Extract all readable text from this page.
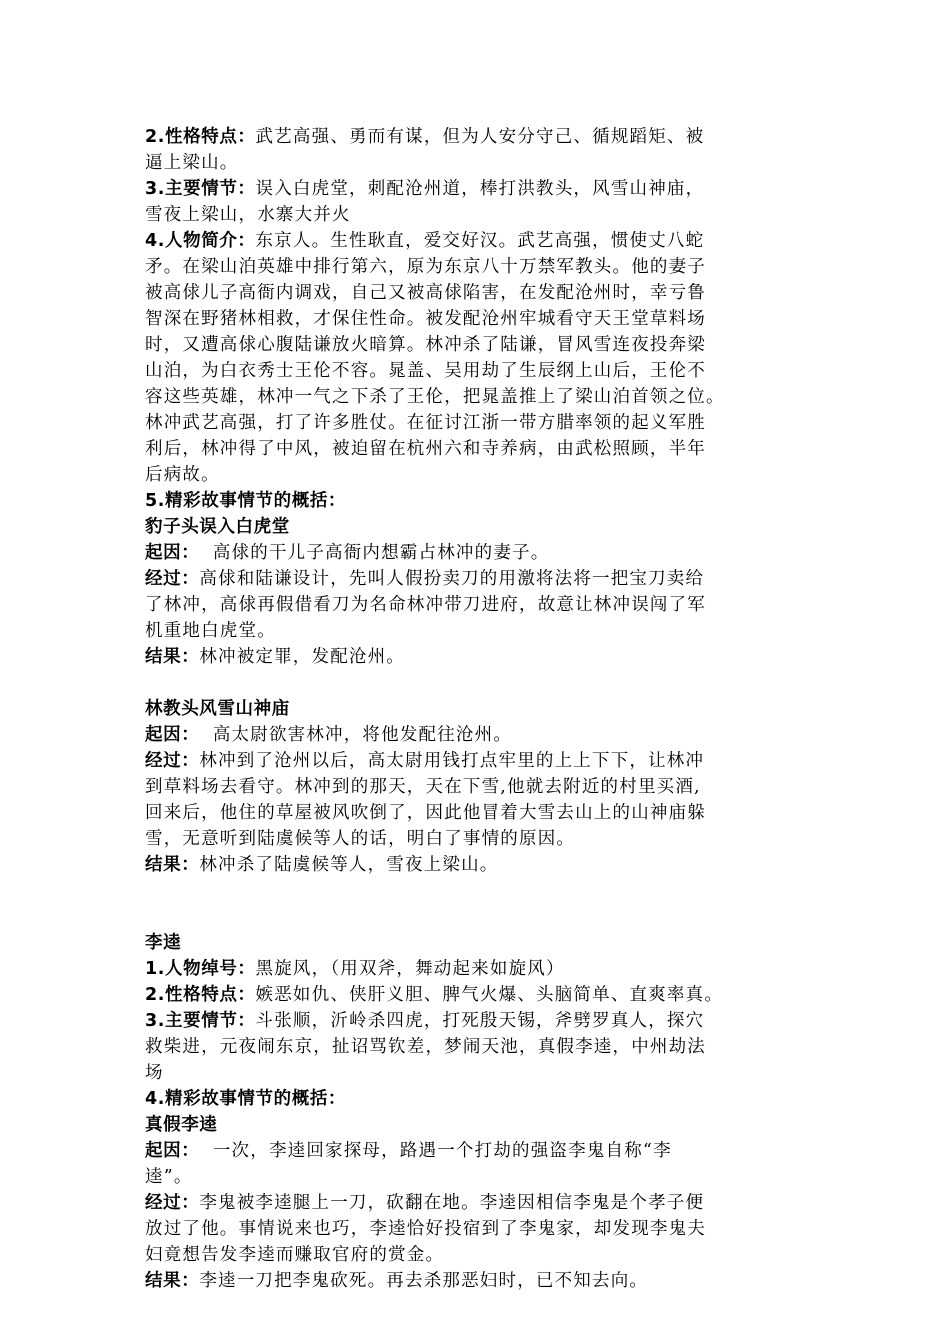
2.性格特点：武艺高强、勇而有谋，但为人安分守己、循规蹈矩、被
逼上梁山。
3.主要情节：误入白虎堂，刺配沧州道，棒打洪教头，风雪山神庙，
雪夜上梁山，水寨大并火
4.人物简介：东京人。生性耿直，爱交好汉。武艺高强，惯使丈八蛇
矛。在梁山泊英雄中排行第六，原为东京八十万禁军教头。他的妻子
被高俅儿子高衙内调戏，自己又被高俅陷害，在发配沧州时，幸亏鲁
智深在野猪林相救，才保住性命。被发配沧州牢城看守天王堂草料场
时，又遭高俅心腹陆谦放火暗算。林冲杀了陆谦，冒风雪连夜投奔梁
山泊，为白衣秀士王伦不容。晁盖、吴用劫了生辰纲上山后，王伦不
容这些英雄，林冲一气之下杀了王伦，把晁盖推上了梁山泊首领之位。
林冲武艺高强，打了许多胜仗。在征讨江浙一带方腊率领的起义军胜
利后，林冲得了中风，被迫留在杭州六和寺养病，由武松照顾，半年
后病故。
5.精彩故事情节的概括：
豹子头误入白虎堂
起因：  高俅的干儿子高衙内想霸占林冲的妻子。
经过：高俅和陆谦设计，先叫人假扮卖刀的用激将法将一把宝刀卖给
了林冲，高俅再假借看刀为名命林冲带刀进府，故意让林冲误闯了军
机重地白虎堂。
结果：林冲被定罪，发配沧州。
林教头风雪山神庙
起因：  高太尉欲害林冲，将他发配往沧州。
经过：林冲到了沧州以后，高太尉用钱打点牢里的上上下下，让林冲
到草料场去看守。林冲到的那天，天在下雪,他就去附近的村里买酒,
回来后，他住的草屋被风吹倒了，因此他冒着大雪去山上的山神庙躲
雪，无意听到陆虞候等人的话，明白了事情的原因。
结果：林冲杀了陆虞候等人，雪夜上梁山。
李逵
1.人物绰号：黑旋风，（用双斧，舞动起来如旋风）
2.性格特点：嫉恶如仇、侠肝义胆、脾气火爆、头脑简单、直爽率真。
3.主要情节：斗张顺，沂岭杀四虎，打死殷天锡，斧劈罗真人，探穴
救柴进，元夜闹东京，扯诏骂钦差，梦闹天池，真假李逵，中州劫法
场
4.精彩故事情节的概括：
真假李逵
起因：  一次，李逵回家探母，路遇一个打劫的强盗李鬼自称“李
逵”。
经过：李鬼被李逵腿上一刀，砍翻在地。李逵因相信李鬼是个孝子便
放过了他。事情说来也巧，李逵恰好投宿到了李鬼家，却发现李鬼夫
妇竟想告发李逵而赚取官府的赏金。
结果：李逵一刀把李鬼砍死。再去杀那恶妇时，已不知去向。
